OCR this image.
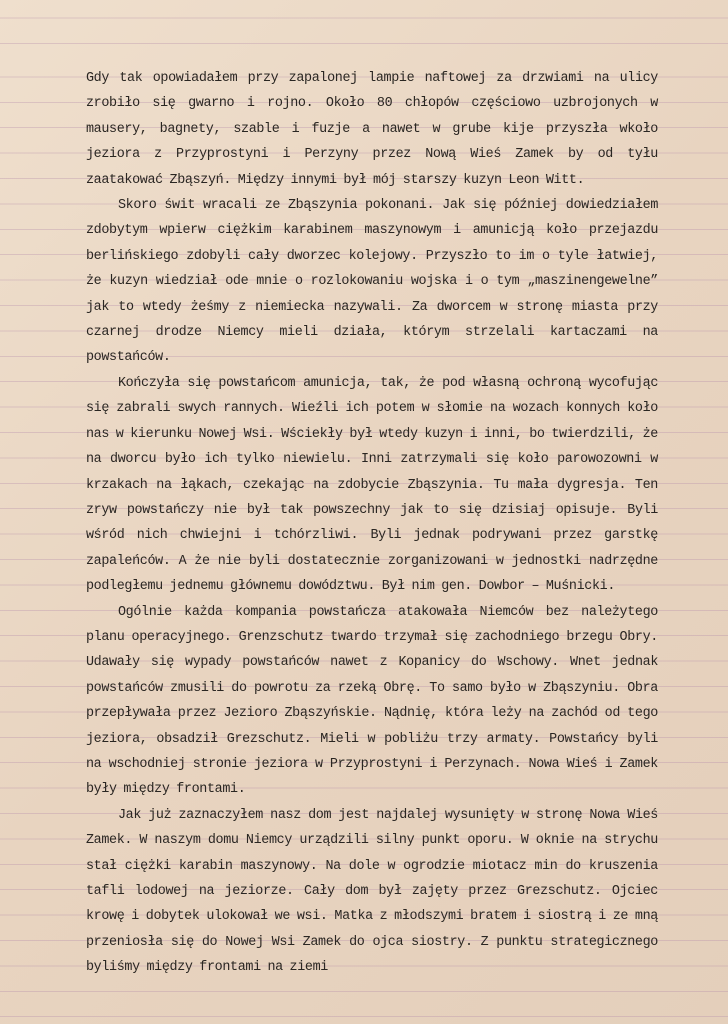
Gdy tak opowiadałem przy zapalonej lampie naftowej za drzwiami na ulicy zrobiło się gwarno i rojno. Około 80 chłopów częściowo uzbrojonych w mausery, bagnety, szable i fuzje a nawet w grube kije przyszła wkoło jeziora z Przyprostyni i Perzyny przez Nową Wieś Zamek by od tyłu zaatakować Zbąszyń. Między innymi był mój starszy kuzyn Leon Witt.

Skoro świt wracali ze Zbąszynia pokonani. Jak się później dowiedziałem zdobytym wpierw ciężkim karabinem maszynowym i amunicją koło przejazdu berlińskiego zdobyli cały dworzec kolejowy. Przyszło to im o tyle łatwiej, że kuzyn wiedział ode mnie o rozlokowaniu wojska i o tym „maszinengewelne” jak to wtedy żeśmy z niemiecka nazywali. Za dworcem w stronę miasta przy czarnej drodze Niemcy mieli działa, którym strzelali kartaczami na powstańców.

Kończyła się powstańcom amunicja, tak, że pod własną ochroną wycofując się zabrali swych rannych. Wieźli ich potem w słomie na wozach konnych koło nas w kierunku Nowej Wsi. Wściekły był wtedy kuzyn i inni, bo twierdzili, że na dworcu było ich tylko niewielu. Inni zatrzymali się koło parowozowni w krzakach na łąkach, czekając na zdobycie Zbąszynia. Tu mała dygresja. Ten zryw powstańczy nie był tak powszechny jak to się dzisiaj opisuje. Byli wśród nich chwiejni i tchórzliwi. Byli jednak podrywani przez garstkę zapaleńców. A że nie byli dostatecznie zorganizowani w jednostki nadrzędne podległemu jednemu głównemu dowództwu. Był nim gen. Dowbor – Muśnicki.

Ogólnie każda kompania powstańcza atakowała Niemców bez należytego planu operacyjnego. Grenzschutz twardo trzymał się zachodniego brzegu Obry. Udawały się wypady powstańców nawet z Kopanicy do Wschowy. Wnet jednak powstańców zmusili do powrotu za rzeką Obrę. To samo było w Zbąszyniu. Obra przepływała przez Jezioro Zbąszyńskie. Nądnię, która leży na zachód od tego jeziora, obsadził Grezschutz. Mieli w pobliżu trzy armaty. Powstańcy byli na wschodniej stronie jeziora w Przyprostyni i Perzynach. Nowa Wieś i Zamek były między frontami.

Jak już zaznaczyłem nasz dom jest najdalej wysunięty w stronę Nowa Wieś Zamek. W naszym domu Niemcy urządzili silny punkt oporu. W oknie na strychu stał ciężki karabin maszynowy. Na dole w ogrodzie miotacz min do kruszenia tafli lodowej na jeziorze. Cały dom był zajęty przez Grezschutz. Ojciec krowę i dobytek ulokował we wsi. Matka z młodszymi bratem i siostrą i ze mną przeniosła się do Nowej Wsi Zamek do ojca siostry. Z punktu strategicznego byliśmy między frontami na ziemi
